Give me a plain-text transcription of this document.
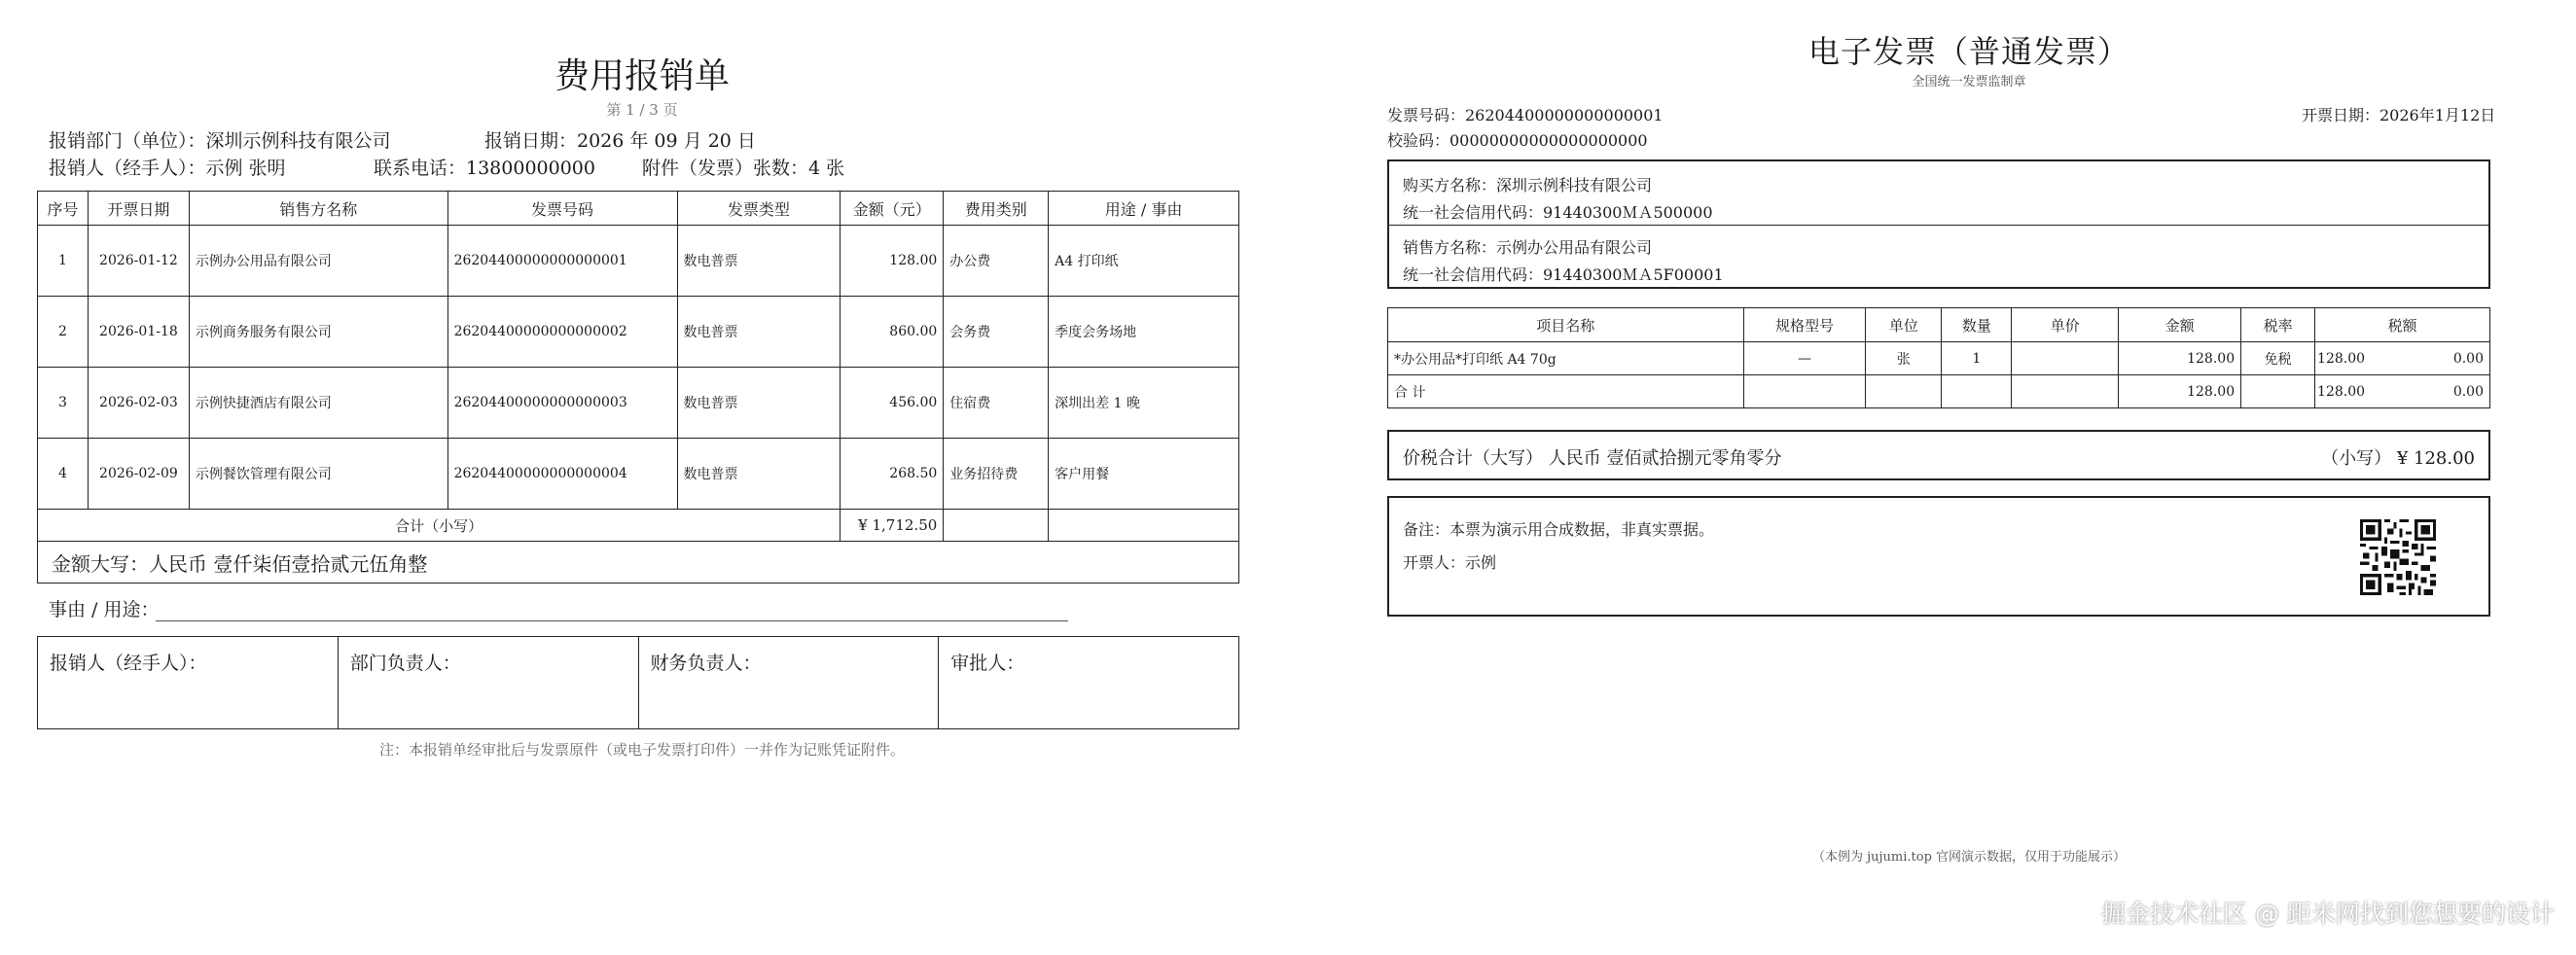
费用报销单
第 1 / 3 页
报销部门（单位）：深圳示例科技有限公司	报销日期：2026 年 09 月 20 日
报销人（经手人）：示例 张明	联系电话：13800000000	附件（发票）张数：4 张
序号	开票日期	销售方名称	发票号码	发票类型	金额（元）	费用类别	用途 / 事由
1	2026-01-12	示例办公用品有限公司	26204400000000000001	数电普票	128.00	办公费	A4 打印纸
2	2026-01-18	示例商务服务有限公司	26204400000000000002	数电普票	860.00	会务费	季度会务场地
3	2026-02-03	示例快捷酒店有限公司	26204400000000000003	数电普票	456.00	住宿费	深圳出差 1 晚
4	2026-02-09	示例餐饮管理有限公司	26204400000000000004	数电普票	268.50	业务招待费	客户用餐
合计（小写）					¥ 1,712.50		
金额大写：人民币 壹仟柒佰壹拾贰元伍角整							
事由 / 用途：
报销人（经手人）：	部门负责人：	财务负责人：	审批人：
注：本报销单经审批后与发票原件（或电子发票打印件）一并作为记账凭证附件。
电子发票（普通发票）
全国统一发票监制章
发票号码：26204400000000000001
校验码：00000000000000000000
开票日期：2026年1月12日
购买方名称：深圳示例科技有限公司
统一社会信用代码：91440300ＭＡ500000
销售方名称：示例办公用品有限公司
统一社会信用代码：91440300ＭＡ5F00001
项目名称	规格型号	单位	数量	单价	金额	税率	税额
*办公用品*打印纸 A4 70g	—	张	1		128.00	免税	128.00 0.00

合 计					128.00		128.00 0.00
价税合计（大写） 人民币 壹佰贰拾捌元零角零分	（小写） ¥ 128.00
备注：本票为演示用合成数据，非真实票据。
开票人：示例
（本例为 jujumi.top 官网演示数据，仅用于功能展示）
掘金技术社区 @ 距米网找到您想要的设计
